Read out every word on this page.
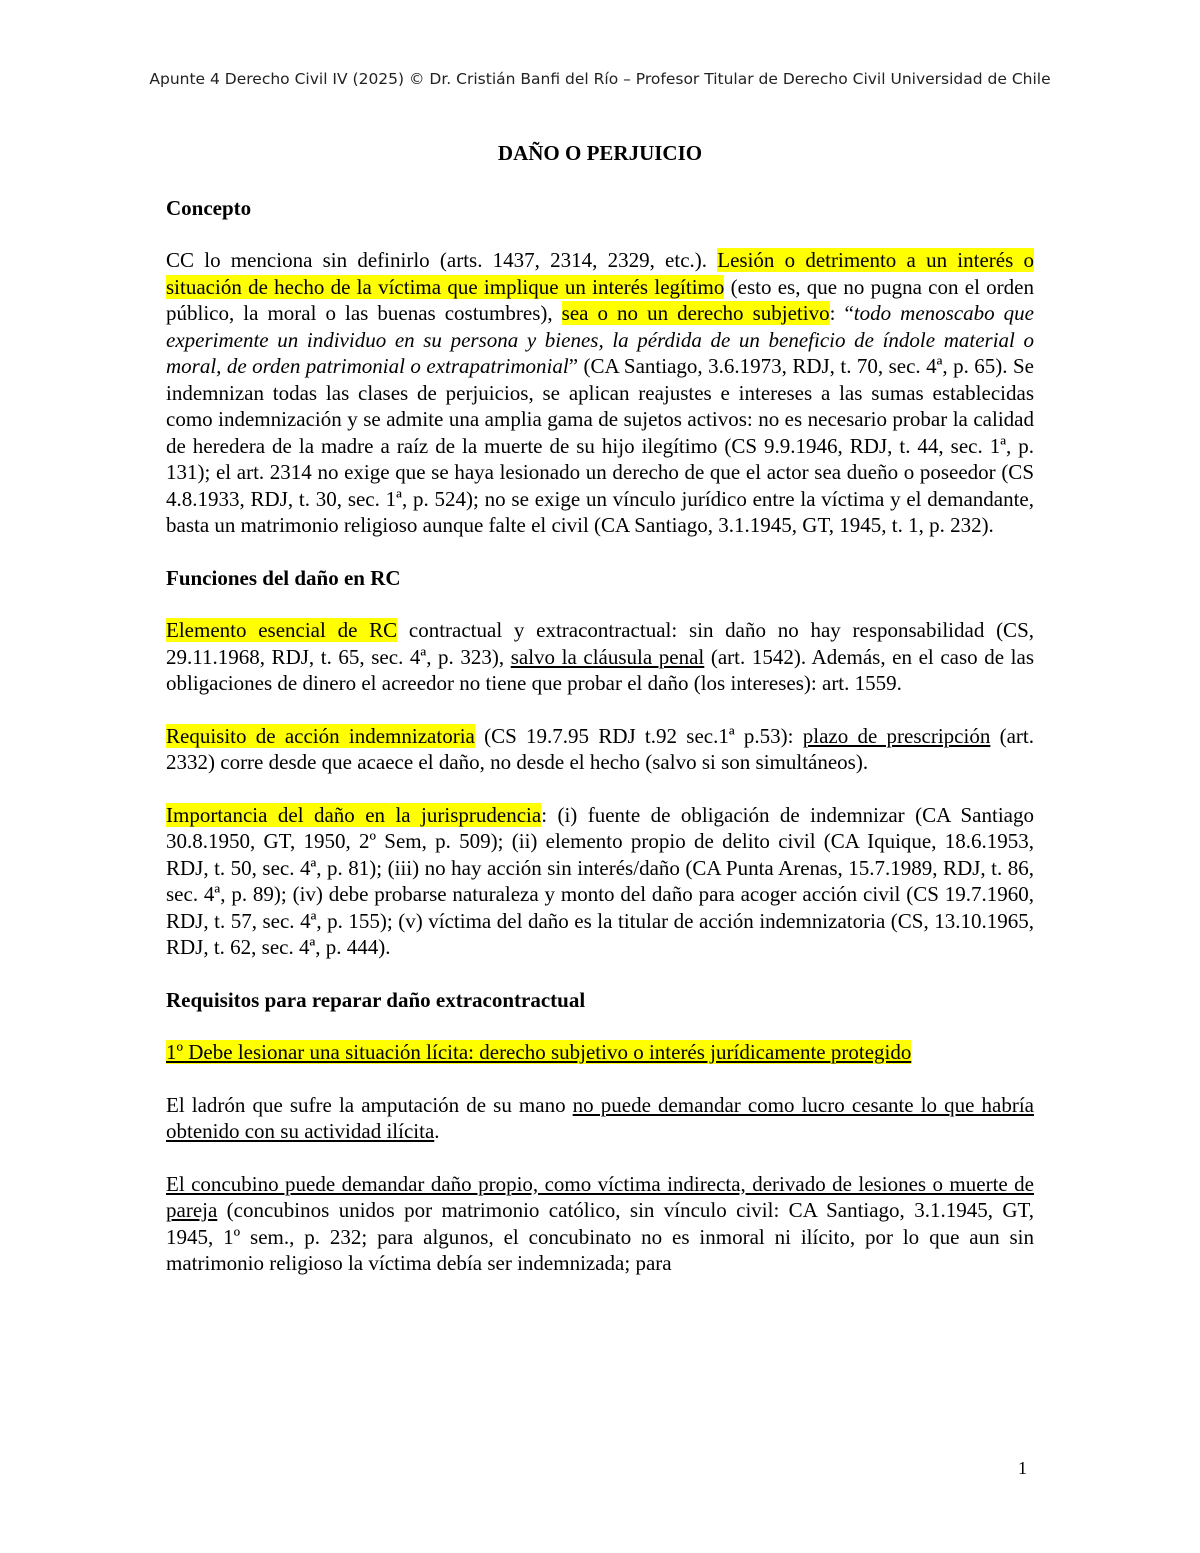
Apunte 4 Derecho Civil IV (2025) © Dr. Cristián Banfi del Río – Profesor Titular de Derecho Civil Universidad de Chile
DAÑO O PERJUICIO
Concepto

CC lo menciona sin definirlo (arts. 1437, 2314, 2329, etc.). Lesión o detrimento a un interés o situación de hecho de la víctima que implique un interés legítimo (esto es, que no pugna con el orden público, la moral o las buenas costumbres), sea o no un derecho subjetivo: “todo menoscabo que experimente un individuo en su persona y bienes, la pérdida de un beneficio de índole material o moral, de orden patrimonial o extrapatrimonial” (CA Santiago, 3.6.1973, RDJ, t. 70, sec. 4ª, p. 65). Se indemnizan todas las clases de perjuicios, se aplican reajustes e intereses a las sumas establecidas como indemnización y se admite una amplia gama de sujetos activos: no es necesario probar la calidad de heredera de la madre a raíz de la muerte de su hijo ilegítimo (CS 9.9.1946, RDJ, t. 44, sec. 1ª, p. 131); el art. 2314 no exige que se haya lesionado un derecho de que el actor sea dueño o poseedor (CS 4.8.1933, RDJ, t. 30, sec. 1ª, p. 524); no se exige un vínculo jurídico entre la víctima y el demandante, basta un matrimonio religioso aunque falte el civil (CA Santiago, 3.1.1945, GT, 1945, t. 1, p. 232).

Funciones del daño en RC

Elemento esencial de RC contractual y extracontractual: sin daño no hay responsabilidad (CS, 29.11.1968, RDJ, t. 65, sec. 4ª, p. 323), salvo la cláusula penal (art. 1542). Además, en el caso de las obligaciones de dinero el acreedor no tiene que probar el daño (los intereses): art. 1559.

Requisito de acción indemnizatoria (CS 19.7.95 RDJ t.92 sec.1ª p.53): plazo de prescripción (art. 2332) corre desde que acaece el daño, no desde el hecho (salvo si son simultáneos).

Importancia del daño en la jurisprudencia: (i) fuente de obligación de indemnizar (CA Santiago 30.8.1950, GT, 1950, 2º Sem, p. 509); (ii) elemento propio de delito civil (CA Iquique, 18.6.1953, RDJ, t. 50, sec. 4ª, p. 81); (iii) no hay acción sin interés/daño (CA Punta Arenas, 15.7.1989, RDJ, t. 86, sec. 4ª, p. 89); (iv) debe probarse naturaleza y monto del daño para acoger acción civil (CS 19.7.1960, RDJ, t. 57, sec. 4ª, p. 155); (v) víctima del daño es la titular de acción indemnizatoria (CS, 13.10.1965, RDJ, t. 62, sec. 4ª, p. 444).

Requisitos para reparar daño extracontractual

1º Debe lesionar una situación lícita: derecho subjetivo o interés jurídicamente protegido

El ladrón que sufre la amputación de su mano no puede demandar como lucro cesante lo que habría obtenido con su actividad ilícita.

El concubino puede demandar daño propio, como víctima indirecta, derivado de lesiones o muerte de pareja (concubinos unidos por matrimonio católico, sin vínculo civil: CA Santiago, 3.1.1945, GT, 1945, 1º sem., p. 232; para algunos, el concubinato no es inmoral ni ilícito, por lo que aun sin matrimonio religioso la víctima debía ser indemnizada; para

1
